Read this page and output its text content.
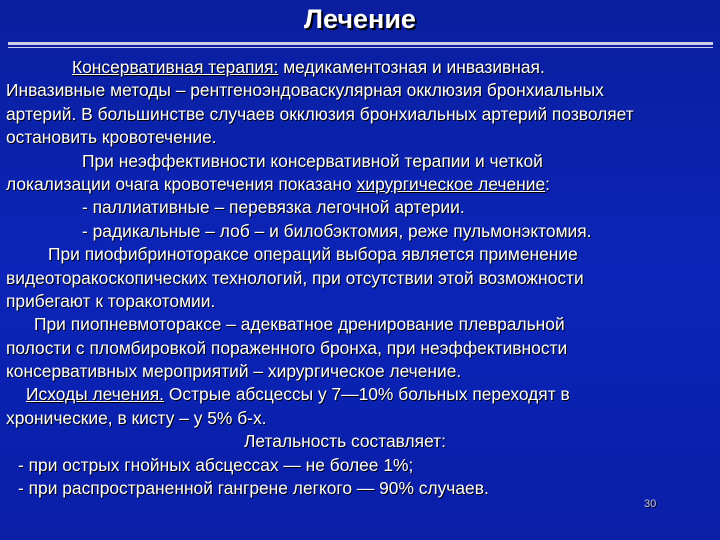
Лечение
Консервативная терапия: медикаментозная и инвазивная.
Инвазивные методы – рентгеноэндоваскулярная окклюзия бронхиальных
артерий. В большинстве случаев окклюзия бронхиальных артерий позволяет
остановить кровотечение.
При неэффективности консервативной терапии и четкой
локализации очага кровотечения показано хирургическое лечение:
- паллиативные – перевязка легочной артерии.
- радикальные – лоб – и билобэктомия, реже пульмонэктомия.
При пиофибриноторaксе операций выбора является применение
видеоторакоскопических технологий, при отсутствии этой возможности
прибегают к торакотомии.
При пиопневмоторaксе – адекватное дренирование плевральной
полости с пломбировкой пораженного бронха, при неэффективности
консервативных мероприятий – хирургическое лечение.
Исходы лечения. Острые абсцессы у 7—10% больных переходят в
хронические, в кисту – у 5% б-х.
Летальность составляет:
- при острых гнойных абсцессах — не более 1%;
- при распространенной гангрене легкого — 90% случаев.
30
